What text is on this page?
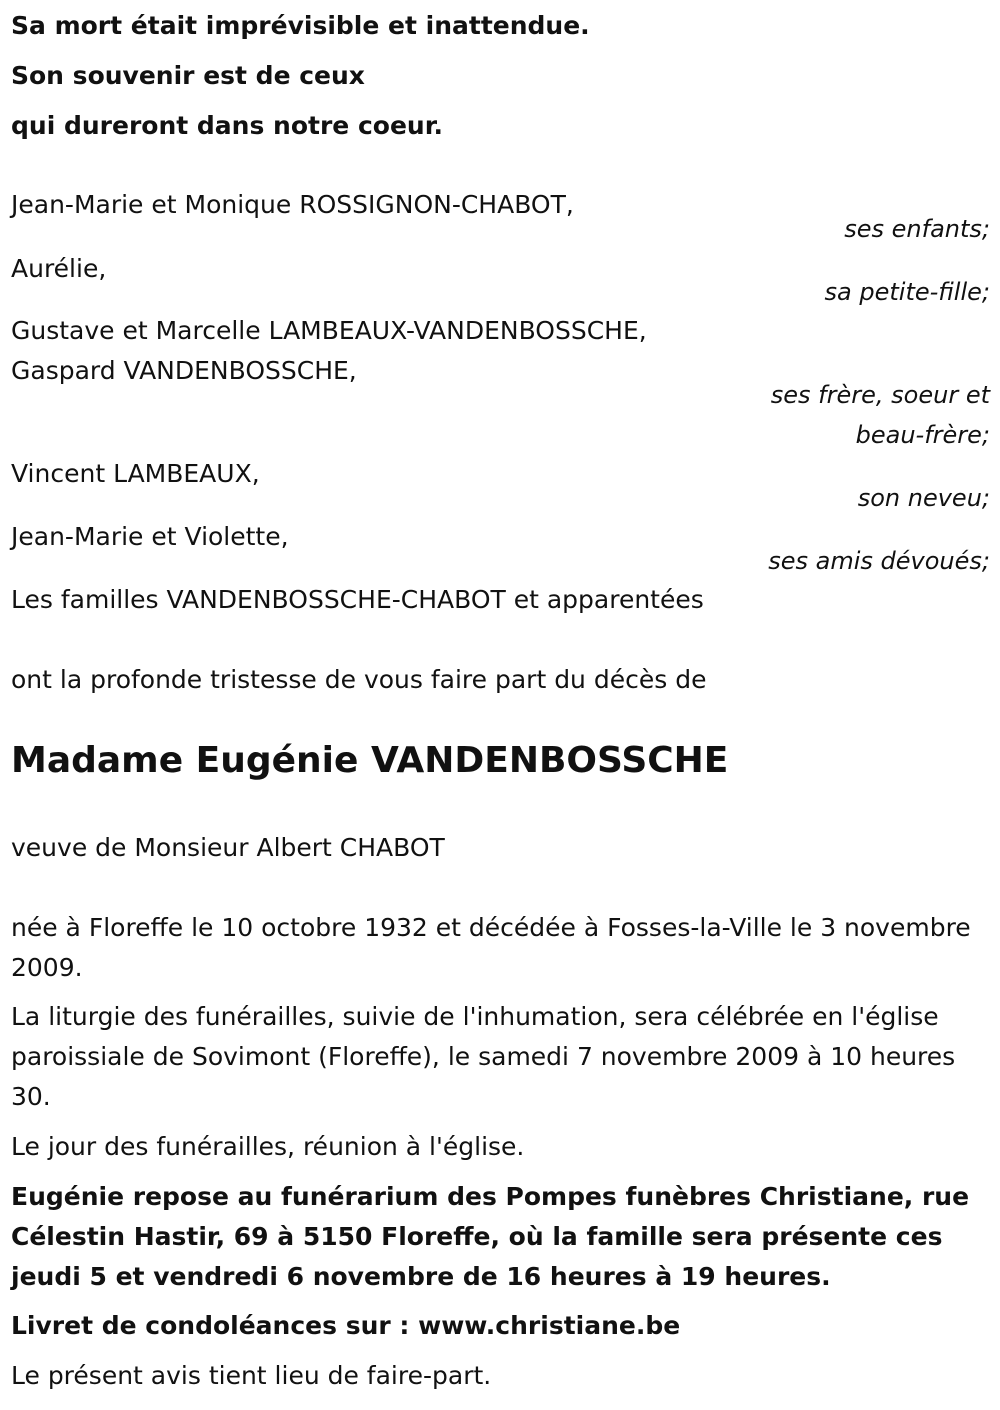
Sa mort était imprévisible et inattendue.
Son souvenir est de ceux
qui dureront dans notre coeur.
Jean-Marie et Monique ROSSIGNON-CHABOT,
ses enfants;
Aurélie,
sa petite-fille;
Gustave et Marcelle LAMBEAUX-VANDENBOSSCHE,
Gaspard VANDENBOSSCHE,
ses frère, soeur et
beau-frère;
Vincent LAMBEAUX,
son neveu;
Jean-Marie et Violette,
ses amis dévoués;
Les familles VANDENBOSSCHE-CHABOT et apparentées
ont la profonde tristesse de vous faire part du décès de
Madame Eugénie VANDENBOSSCHE
veuve de Monsieur Albert CHABOT
née à Floreffe le 10 octobre 1932 et décédée à Fosses-la-Ville le 3 novembre 2009.
La liturgie des funérailles, suivie de l'inhumation, sera célébrée en l'église paroissiale de Sovimont (Floreffe), le samedi 7 novembre 2009 à 10 heures 30.
Le jour des funérailles, réunion à l'église.
Eugénie repose au funérarium des Pompes funèbres Christiane, rue Célestin Hastir, 69 à 5150 Floreffe, où la famille sera présente ces jeudi 5 et vendredi 6 novembre de 16 heures à 19 heures.
Livret de condoléances sur : www.christiane.be
Le présent avis tient lieu de faire-part.
